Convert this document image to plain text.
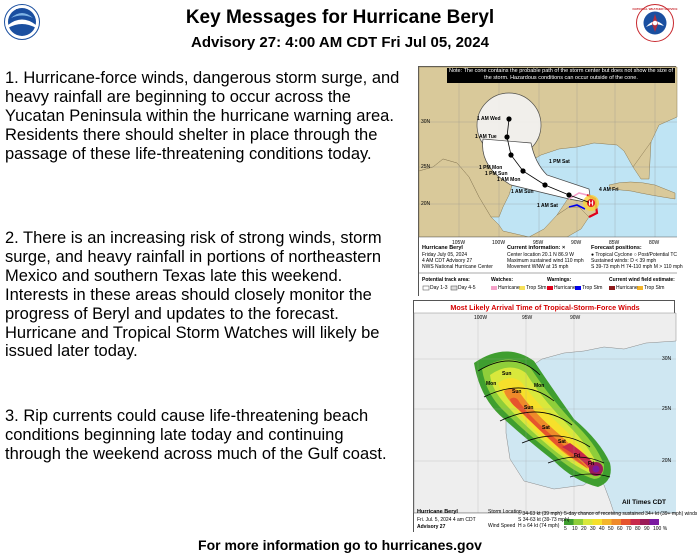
NOAA	NATIONAL WEATHER SERVICE
Key Messages for Hurricane Beryl
Advisory 27: 4:00 AM CDT Fri Jul 05, 2024
1. Hurricane-force winds, dangerous storm surge, and heavy rainfall are beginning to occur across the Yucatan Peninsula within the hurricane warning area. Residents there should shelter in place through the passage of these life-threatening conditions today.
2. There is an increasing risk of strong winds, storm surge, and heavy rainfall in portions of northeastern Mexico and southern Texas late this weekend. Interests in these areas should closely monitor the progress of Beryl and updates to the forecast. Hurricane and Tropical Storm Watches will likely be issued later today.
3. Rip currents could cause life-threatening beach conditions beginning late today and continuing through the weekend across much of the Gulf coast.
H
Note: The cone contains the probable path of the storm center but does not show the size of the storm. Hazardous conditions can occur outside of the cone.
30N
25N
20N
105W	100W	95W	90W	85W	80W
1 AM Wed
1 AM Tue
1 PM Sat
1 PM Mon
1 AM Mon
1 PM Sun
1 AM Sun	4 AM Fri
1 AM Sat
Hurricane Beryl
Friday July 05, 2024
4 AM CDT Advisory 27
NWS National Hurricane Center
Current information: ×
Center location 20.1 N 86.9 W
Maximum sustained wind 110 mph
Movement WNW at 15 mph
Forecast positions:
● Tropical Cyclone ○ Post/Potential TC
Sustained winds: D < 39 mph
S 39-73 mph H 74-110 mph M > 110 mph
Potential track area:
Day 1-3 Day 4-5
Watches:
Hurricane Trop Stm
Warnings:
Hurricane Trop Stm
Current wind field estimate:
Hurricane Trop Stm
Most Likely Arrival Time of Tropical-Storm-Force Winds
100W	95W	90W
30N
25N
20N
Sun
Sun
Sun
Mon	Mon
Sat
Sat
Fri
Fri
All Times CDT
Hurricane Beryl
Fri. Jul. 5, 2024 4 am CDT
Advisory 27
Storm Location
Wind Speed
○ 34-63 kt (39 mph)
S 34-63 kt (39-73 mph)
H ≥ 64 kt (74 mph)
5-day chance of receiving sustained 34+ kt (39+ mph) winds
5 10 20 30 40 50 60 70 80 90 100 %
For more information go to hurricanes.gov
